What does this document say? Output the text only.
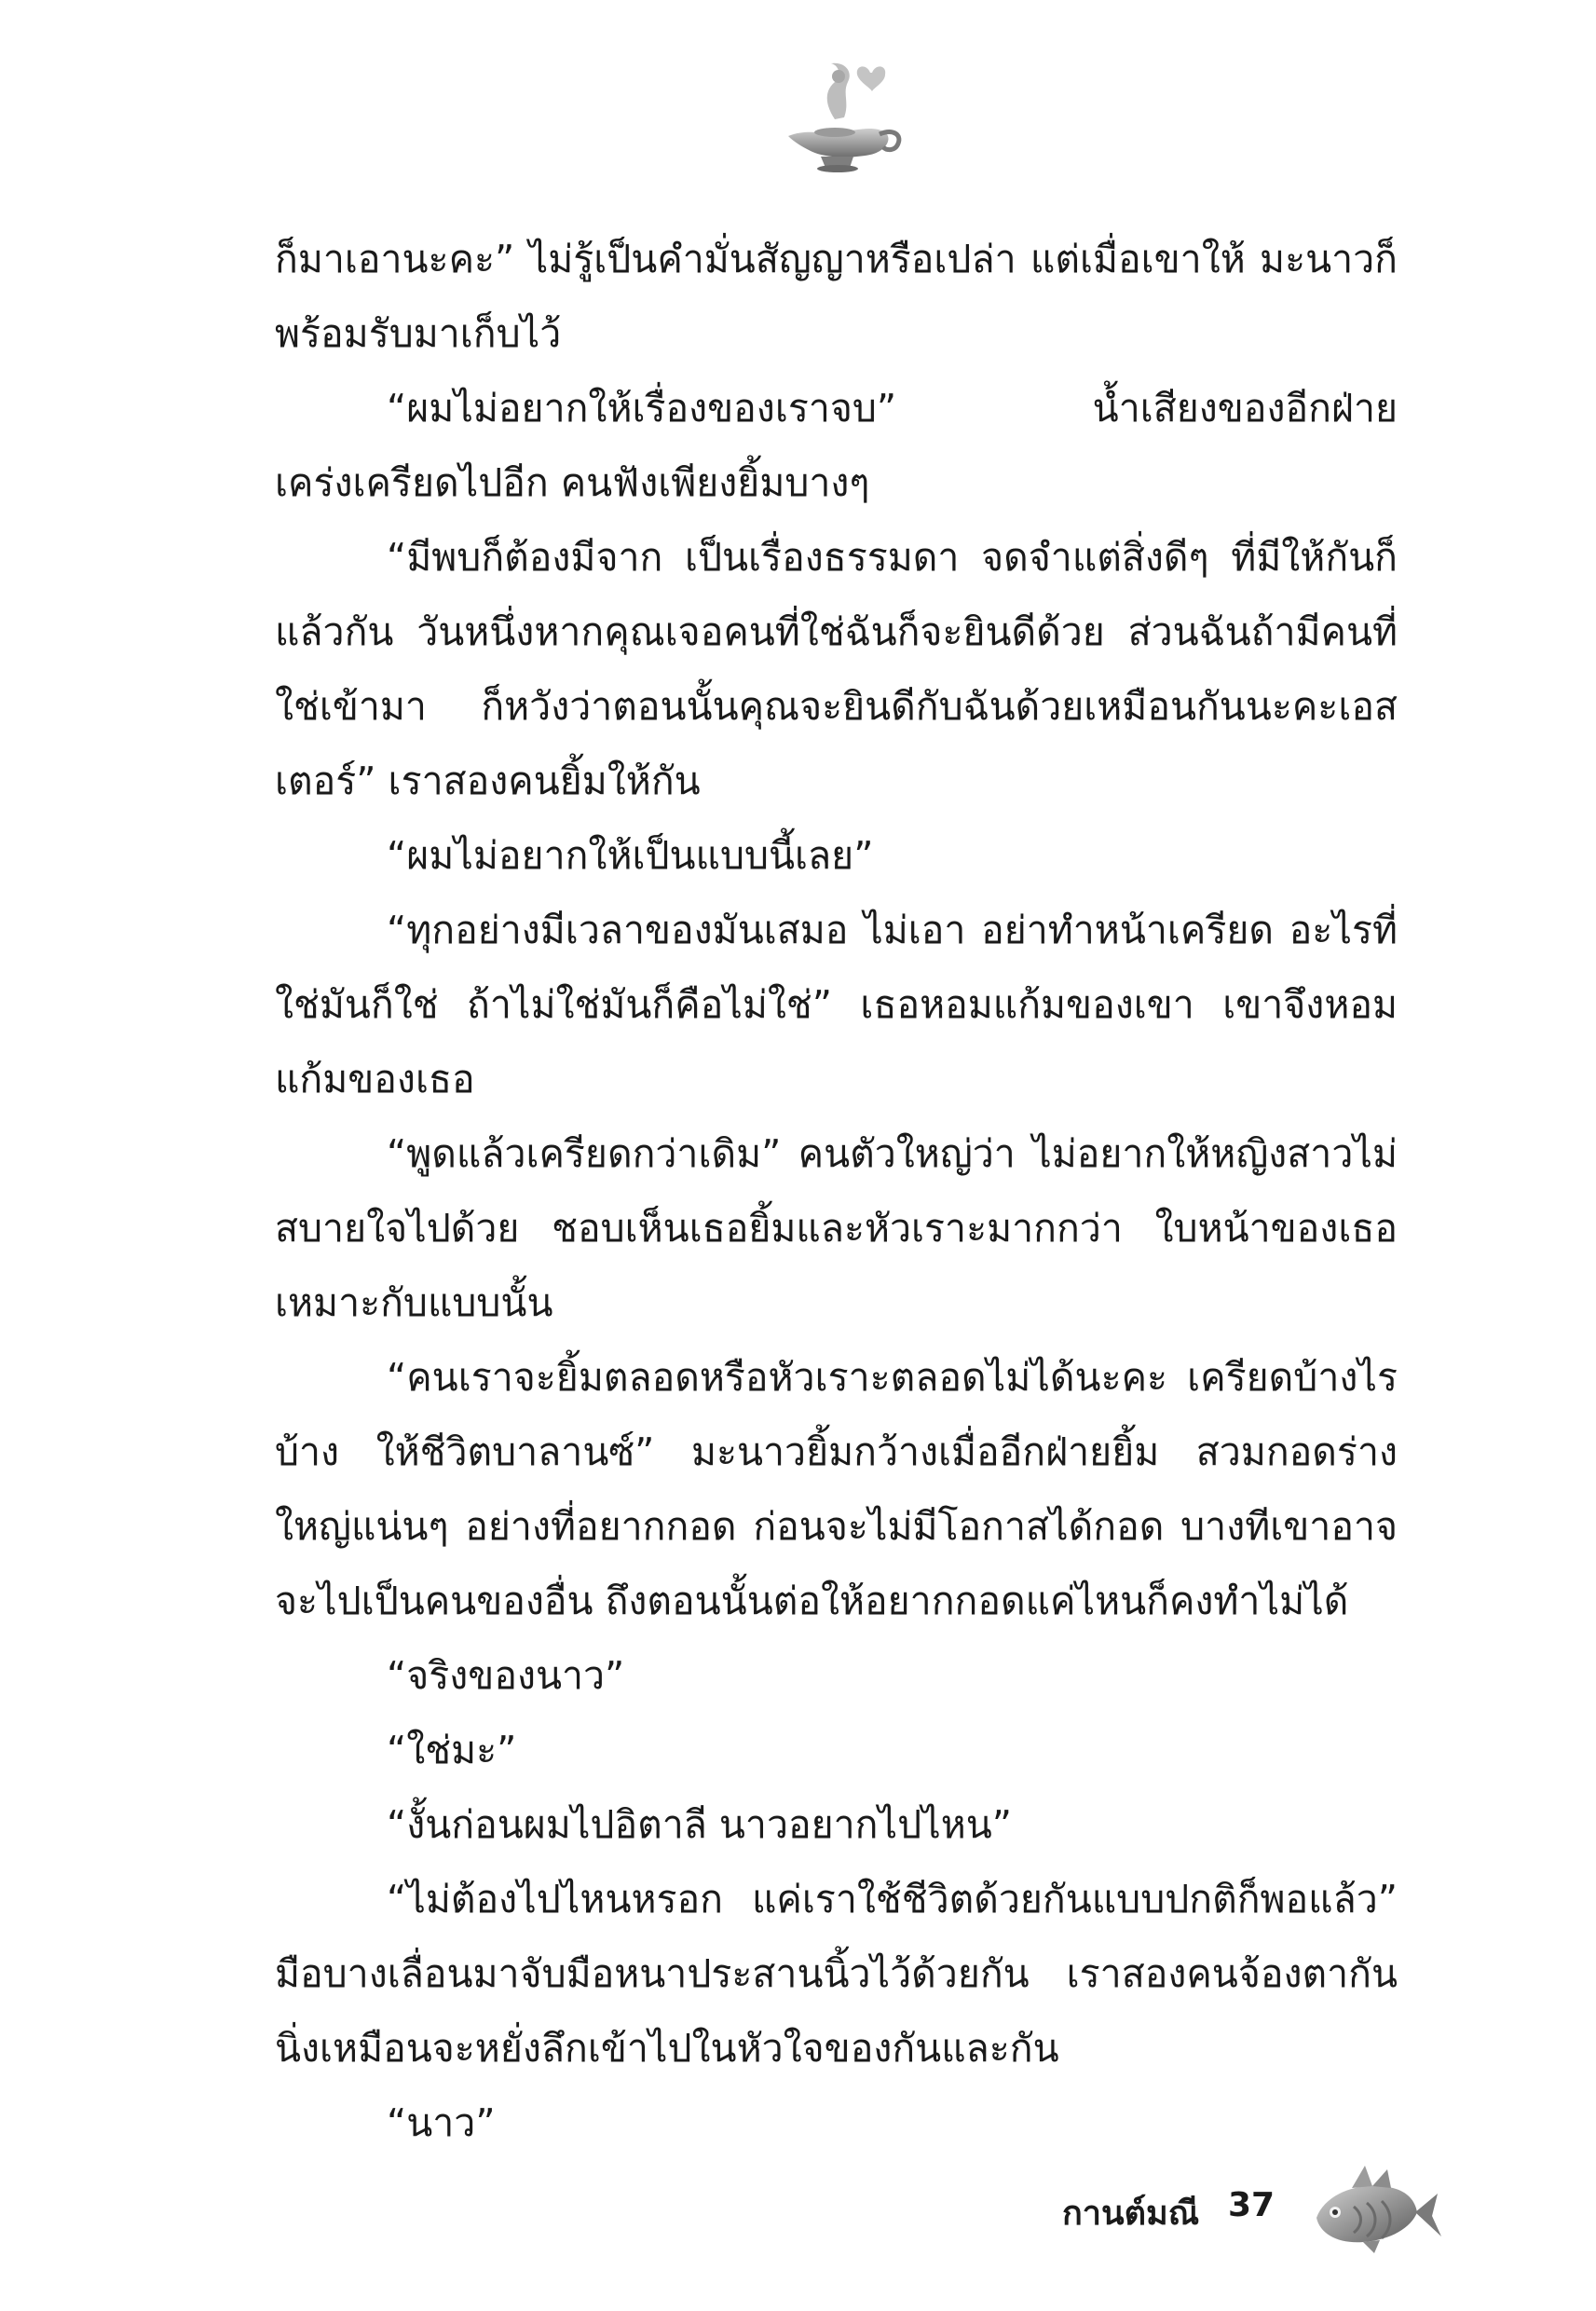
ก็มาเอานะคะ” ไม่รู้เป็นคำมั่นสัญญาหรือเปล่า แต่เมื่อเขาให้ มะนาวก็พร้อมรับมาเก็บไว้

“ผมไม่อยากให้เรื่องของเราจบ” น้ำเสียงของอีกฝ่ายเคร่งเครียดไปอีก คนฟังเพียงยิ้มบางๆ

“มีพบก็ต้องมีจาก เป็นเรื่องธรรมดา จดจำแต่สิ่งดีๆ ที่มีให้กันก็แล้วกัน วันหนึ่งหากคุณเจอคนที่ใช่ฉันก็จะยินดีด้วย ส่วนฉันถ้ามีคนที่ใช่เข้ามา ก็หวังว่าตอนนั้นคุณจะยินดีกับฉันด้วยเหมือนกันนะคะเอสเตอร์” เราสองคนยิ้มให้กัน

“ผมไม่อยากให้เป็นแบบนี้เลย”

“ทุกอย่างมีเวลาของมันเสมอ ไม่เอา อย่าทำหน้าเครียด อะไรที่ใช่มันก็ใช่ ถ้าไม่ใช่มันก็คือไม่ใช่” เธอหอมแก้มของเขา เขาจึงหอมแก้มของเธอ

“พูดแล้วเครียดกว่าเดิม” คนตัวใหญ่ว่า ไม่อยากให้หญิงสาวไม่สบายใจไปด้วย ชอบเห็นเธอยิ้มและหัวเราะมากกว่า ใบหน้าของเธอเหมาะกับแบบนั้น

“คนเราจะยิ้มตลอดหรือหัวเราะตลอดไม่ได้นะคะ เครียดบ้างไรบ้าง ให้ชีวิตบาลานซ์” มะนาวยิ้มกว้างเมื่ออีกฝ่ายยิ้ม สวมกอดร่างใหญ่แน่นๆ อย่างที่อยากกอด ก่อนจะไม่มีโอกาสได้กอด บางทีเขาอาจจะไปเป็นคนของอื่น ถึงตอนนั้นต่อให้อยากกอดแค่ไหนก็คงทำไม่ได้

“จริงของนาว”

“ใช่มะ”

“งั้นก่อนผมไปอิตาลี นาวอยากไปไหน”

“ไม่ต้องไปไหนหรอก แค่เราใช้ชีวิตด้วยกันแบบปกติก็พอแล้ว” มือบางเลื่อนมาจับมือหนาประสานนิ้วไว้ด้วยกัน เราสองคนจ้องตากันนิ่งเหมือนจะหยั่งลึกเข้าไปในหัวใจของกันและกัน

“นาว”

กานต์มณี 37
